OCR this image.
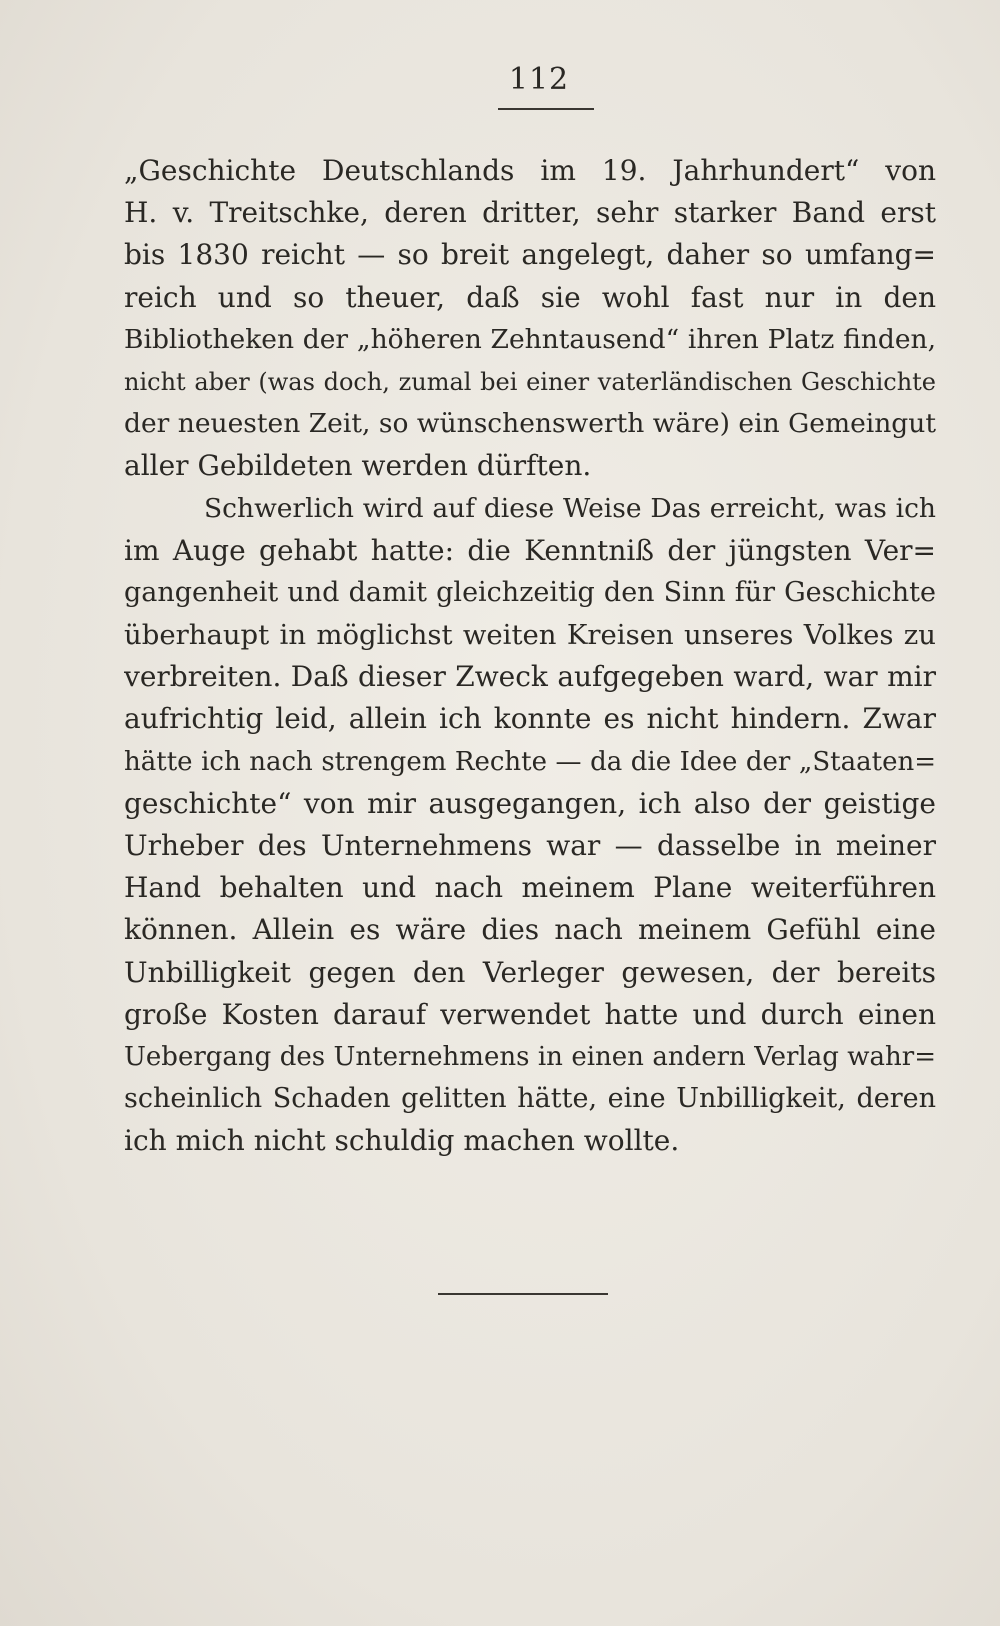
112
„Geschichte Deutschlands im 19. Jahrhundert“ von
H. v. Treitschke, deren dritter, sehr starker Band erst
bis 1830 reicht — so breit angelegt, daher so umfang=
reich und so theuer, daß sie wohl fast nur in den
Bibliotheken der „höheren Zehntausend“ ihren Platz finden,
nicht aber (was doch, zumal bei einer vaterländischen Geschichte
der neuesten Zeit, so wünschenswerth wäre) ein Gemeingut
aller Gebildeten werden dürften.
Schwerlich wird auf diese Weise Das erreicht, was ich
im Auge gehabt hatte: die Kenntniß der jüngsten Ver=
gangenheit und damit gleichzeitig den Sinn für Geschichte
überhaupt in möglichst weiten Kreisen unseres Volkes zu
verbreiten. Daß dieser Zweck aufgegeben ward, war mir
aufrichtig leid, allein ich konnte es nicht hindern. Zwar
hätte ich nach strengem Rechte — da die Idee der „Staaten=
geschichte“ von mir ausgegangen, ich also der geistige
Urheber des Unternehmens war — dasselbe in meiner
Hand behalten und nach meinem Plane weiterführen
können. Allein es wäre dies nach meinem Gefühl eine
Unbilligkeit gegen den Verleger gewesen, der bereits
große Kosten darauf verwendet hatte und durch einen
Uebergang des Unternehmens in einen andern Verlag wahr=
scheinlich Schaden gelitten hätte, eine Unbilligkeit, deren
ich mich nicht schuldig machen wollte.
